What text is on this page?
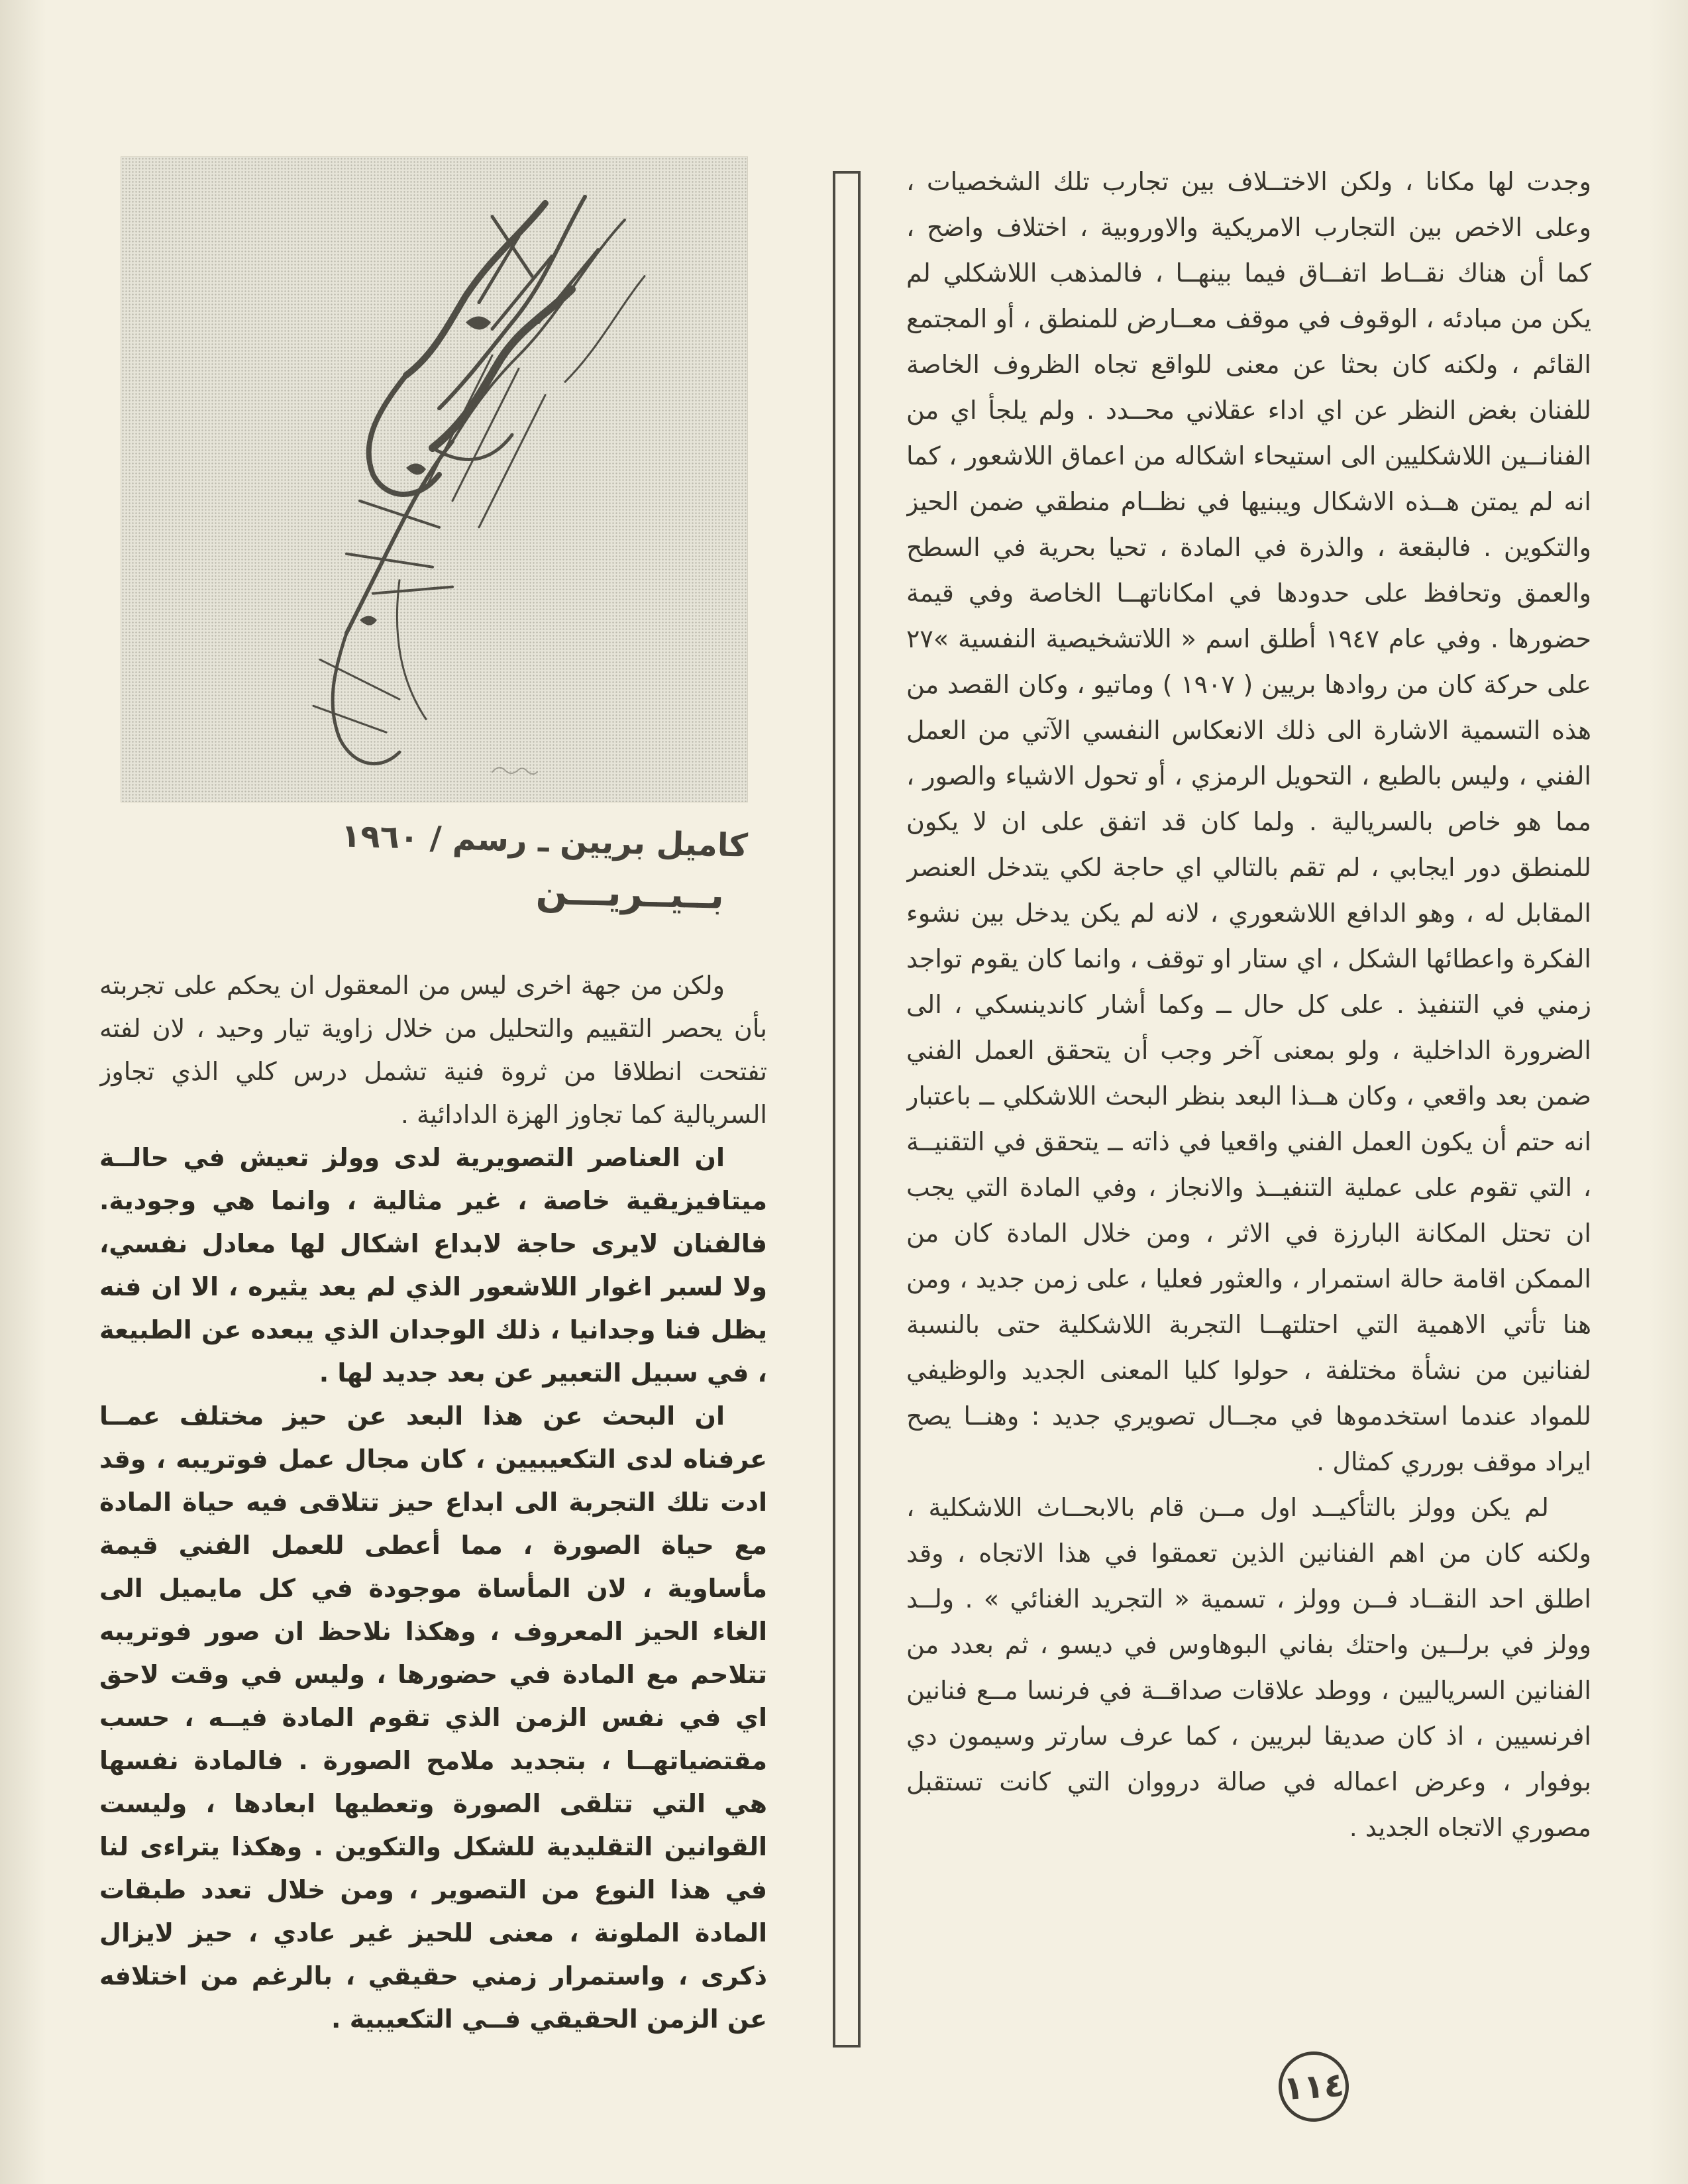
كاميل بريين ـ رسم / ١٩٦٠
بــيــريـــن

ولكن من جهة اخرى ليس من المعقول ان يحكم على تجربته بأن يحصر التقييم والتحليل من خلال زاوية تيار وحيد ، لان لفته تفتحت انطلاقا من ثروة فنية تشمل درس كلي الذي تجاوز السريالية كما تجاوز الهزة الدادائية .

ان العناصر التصويرية لدى وولز تعيش في حالــة ميتافيزيقية خاصة ، غير مثالية ، وانما هي وجودية. فالفنان لايرى حاجة لابداع اشكال لها معادل نفسي، ولا لسبر اغوار اللاشعور الذي لم يعد يثيره ، الا ان فنه يظل فنا وجدانيا ، ذلك الوجدان الذي يبعده عن الطبيعة ، في سبيل التعبير عن بعد جديد لها .

ان البحث عن هذا البعد عن حيز مختلف عمــا عرفناه لدى التكعيبيين ، كان مجال عمل فوتريبه ، وقد ادت تلك التجربة الى ابداع حيز تتلاقى فيه حياة المادة مع حياة الصورة ، مما أعطى للعمل الفني قيمة مأساوية ، لان المأساة موجودة في كل مايميل الى الغاء الحيز المعروف ، وهكذا نلاحظ ان صور فوتريبه تتلاحم مع المادة في حضورها ، وليس في وقت لاحق اي في نفس الزمن الذي تقوم المادة فيــه ، حسب مقتضياتهــا ، بتجديد ملامح الصورة . فالمادة نفسها هي التي تتلقى الصورة وتعطيها ابعادها ، وليست القوانين التقليدية للشكل والتكوين . وهكذا يتراءى لنا في هذا النوع من التصوير ، ومن خلال تعدد طبقات المادة الملونة ، معنى للحيز غير عادي ، حيز لايزال ذكرى ، واستمرار زمني حقيقي ، بالرغم من اختلافه عن الزمن الحقيقي فــي التكعيبية .

وجدت لها مكانا ، ولكن الاختــلاف بين تجارب تلك الشخصيات ، وعلى الاخص بين التجارب الامريكية والاوروبية ، اختلاف واضح ، كما أن هناك نقــاط اتفــاق فيما بينهــا ، فالمذهب اللاشكلي لم يكن من مبادئه ، الوقوف في موقف معــارض للمنطق ، أو المجتمع القائم ، ولكنه كان بحثا عن معنى للواقع تجاه الظروف الخاصة للفنان بغض النظر عن اي اداء عقلاني محــدد . ولم يلجأ اي من الفنانــين اللاشكليين الى استيحاء اشكاله من اعماق اللاشعور ، كما انه لم يمتن هــذه الاشكال ويبنيها في نظــام منطقي ضمن الحيز والتكوين . فالبقعة ، والذرة في المادة ، تحيا بحرية في السطح والعمق وتحافظ على حدودها في امكاناتهــا الخاصة وفي قيمة حضورها . وفي عام ١٩٤٧ أطلق اسم « اللاتشخيصية النفسية »٢٧ على حركة كان من روادها بريين ( ١٩٠٧ ) وماتيو ، وكان القصد من هذه التسمية الاشارة الى ذلك الانعكاس النفسي الآتي من العمل الفني ، وليس بالطبع ، التحويل الرمزي ، أو تحول الاشياء والصور ، مما هو خاص بالسريالية . ولما كان قد اتفق على ان لا يكون للمنطق دور ايجابي ، لم تقم بالتالي اي حاجة لكي يتدخل العنصر المقابل له ، وهو الدافع اللاشعوري ، لانه لم يكن يدخل بين نشوء الفكرة واعطائها الشكل ، اي ستار او توقف ، وانما كان يقوم تواجد زمني في التنفيذ . على كل حال ــ وكما أشار كاندينسكي ، الى الضرورة الداخلية ، ولو بمعنى آخر وجب أن يتحقق العمل الفني ضمن بعد واقعي ، وكان هــذا البعد بنظر البحث اللاشكلي ــ باعتبار انه حتم أن يكون العمل الفني واقعيا في ذاته ــ يتحقق في التقنيــة ، التي تقوم على عملية التنفيــذ والانجاز ، وفي المادة التي يجب ان تحتل المكانة البارزة في الاثر ، ومن خلال المادة كان من الممكن اقامة حالة استمرار ، والعثور فعليا ، على زمن جديد ، ومن هنا تأتي الاهمية التي احتلتهــا التجربة اللاشكلية حتى بالنسبة لفنانين من نشأة مختلفة ، حولوا كليا المعنى الجديد والوظيفي للمواد عندما استخدموها في مجــال تصويري جديد : وهنــا يصح ايراد موقف بورري كمثال .

لم يكن وولز بالتأكيــد اول مــن قام بالابحــاث اللاشكلية ، ولكنه كان من اهم الفنانين الذين تعمقوا في هذا الاتجاه ، وقد اطلق احد النقــاد فــن وولز ، تسمية « التجريد الغنائي » . ولــد وولز في برلــين واحتك بفاني البوهاوس في ديسو ، ثم بعدد من الفنانين السرياليين ، ووطد علاقات صداقــة في فرنسا مــع فنانين افرنسيين ، اذ كان صديقا لبريين ، كما عرف سارتر وسيمون دي بوفوار ، وعرض اعماله في صالة درووان التي كانت تستقبل مصوري الاتجاه الجديد .

١١٤
